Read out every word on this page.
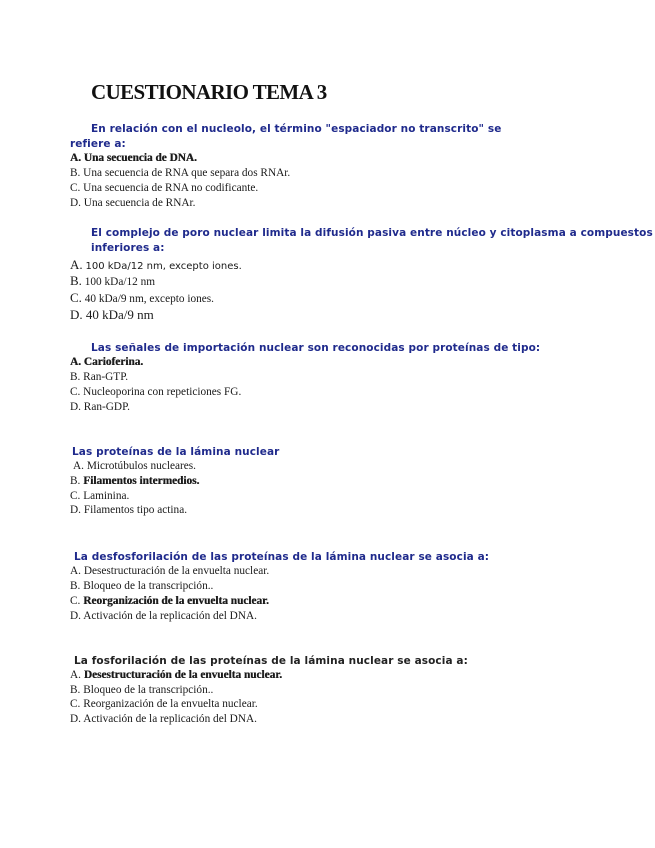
CUESTIONARIO TEMA 3
En relación con el nucleolo, el término "espaciador no transcrito" se
refiere a:
A. Una secuencia de DNA.
B. Una secuencia de RNA que separa dos RNAr.
C. Una secuencia de RNA no codificante.
D. Una secuencia de RNAr.
El complejo de poro nuclear limita la difusión pasiva entre núcleo y citoplasma a compuestos
inferiores a:
A. 100 kDa/12 nm, excepto iones.
B. 100 kDa/12 nm
C. 40 kDa/9 nm, excepto iones.
D. 40 kDa/9 nm
Las señales de importación nuclear son reconocidas por proteínas de tipo:
A. Carioferina.
B. Ran-GTP.
C. Nucleoporina con repeticiones FG.
D. Ran-GDP.
Las proteínas de la lámina nuclear
A. Microtúbulos nucleares.
B. Filamentos intermedios.
C. Laminina.
D. Filamentos tipo actina.
La desfosforilación de las proteínas de la lámina nuclear se asocia a:
A. Desestructuración de la envuelta nuclear.
B. Bloqueo de la transcripción..
C. Reorganización de la envuelta nuclear.
D. Activación de la replicación del DNA.
La fosforilación de las proteínas de la lámina nuclear se asocia a:
A. Desestructuración de la envuelta nuclear.
B. Bloqueo de la transcripción..
C. Reorganización de la envuelta nuclear.
D. Activación de la replicación del DNA.
